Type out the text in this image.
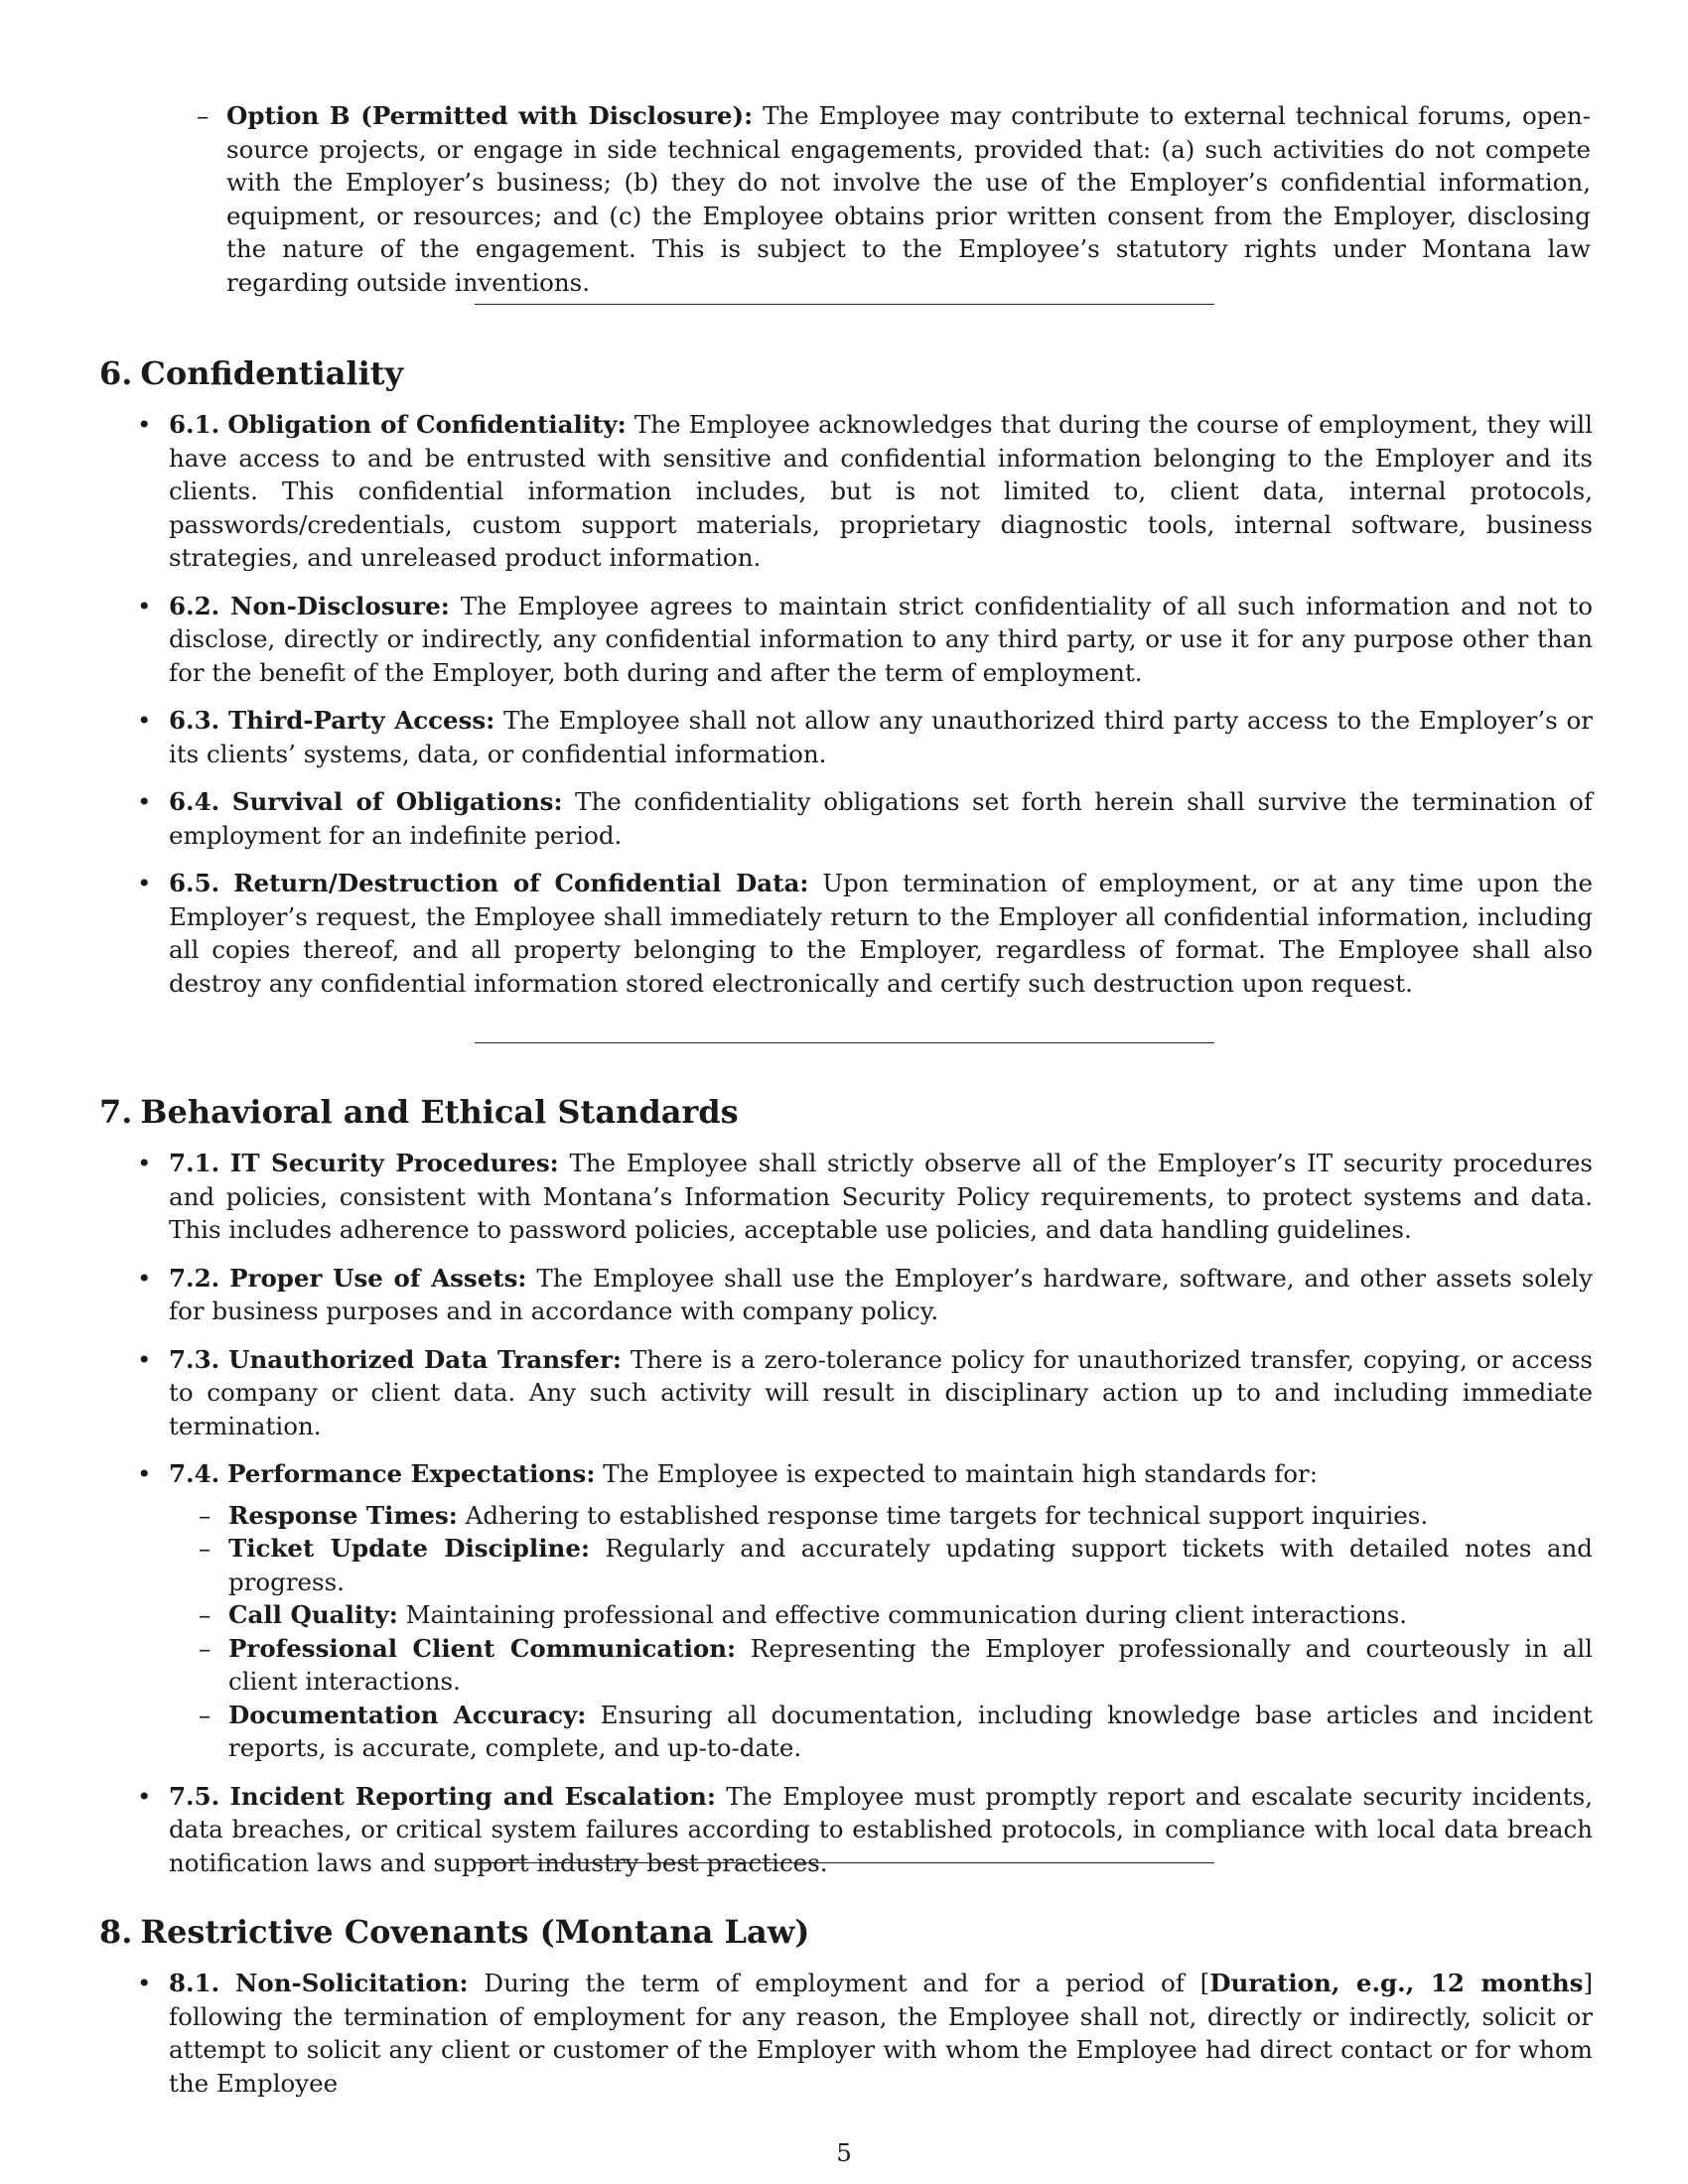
– Option B (Permitted with Disclosure): The Employee may contribute to external technical forums, open-source projects, or engage in side technical engagements, provided that: (a) such activities do not compete with the Employer’s business; (b) they do not involve the use of the Employer’s confidential information, equipment, or resources; and (c) the Employee obtains prior written consent from the Employer, disclosing the nature of the engagement. This is subject to the Employee’s statutory rights under Montana law regarding outside inventions.

6. Confidentiality
• 6.1. Obligation of Confidentiality: The Employee acknowledges that during the course of employment, they will have access to and be entrusted with sensitive and confidential information belonging to the Employer and its clients. This confidential information includes, but is not limited to, client data, internal protocols, passwords/credentials, custom support materials, proprietary diagnostic tools, internal software, business strategies, and unreleased product information.
• 6.2. Non-Disclosure: The Employee agrees to maintain strict confidentiality of all such information and not to disclose, directly or indirectly, any confidential information to any third party, or use it for any purpose other than for the benefit of the Employer, both during and after the term of employment.
• 6.3. Third-Party Access: The Employee shall not allow any unauthorized third party access to the Employer’s or its clients’ systems, data, or confidential information.
• 6.4. Survival of Obligations: The confidentiality obligations set forth herein shall survive the termination of employment for an indefinite period.
• 6.5. Return/Destruction of Confidential Data: Upon termination of employment, or at any time upon the Employer’s request, the Employee shall immediately return to the Employer all confidential information, including all copies thereof, and all property belonging to the Employer, regardless of format. The Employee shall also destroy any confidential information stored electronically and certify such destruction upon request.
7. Behavioral and Ethical Standards
• 7.1. IT Security Procedures: The Employee shall strictly observe all of the Employer’s IT security procedures and policies, consistent with Montana’s Information Security Policy requirements, to protect systems and data. This includes adherence to password policies, acceptable use policies, and data handling guidelines.
• 7.2. Proper Use of Assets: The Employee shall use the Employer’s hardware, software, and other assets solely for business purposes and in accordance with company policy.
• 7.3. Unauthorized Data Transfer: There is a zero-tolerance policy for unauthorized transfer, copying, or access to company or client data. Any such activity will result in disciplinary action up to and including immediate termination.
• 7.4. Performance Expectations: The Employee is expected to maintain high standards for:
– Response Times: Adhering to established response time targets for technical support inquiries.
– Ticket Update Discipline: Regularly and accurately updating support tickets with detailed notes and progress.
– Call Quality: Maintaining professional and effective communication during client interactions.
– Professional Client Communication: Representing the Employer professionally and courteously in all client interactions.
– Documentation Accuracy: Ensuring all documentation, including knowledge base articles and incident reports, is accurate, complete, and up-to-date.
• 7.5. Incident Reporting and Escalation: The Employee must promptly report and escalate security incidents, data breaches, or critical system failures according to established protocols, in compliance with local data breach notification laws and support industry best practices.
8. Restrictive Covenants (Montana Law)
• 8.1. Non-Solicitation: During the term of employment and for a period of [Duration, e.g., 12 months] following the termination of employment for any reason, the Employee shall not, directly or indirectly, solicit or attempt to solicit any client or customer of the Employer with whom the Employee had direct contact or for whom the Employee
5
